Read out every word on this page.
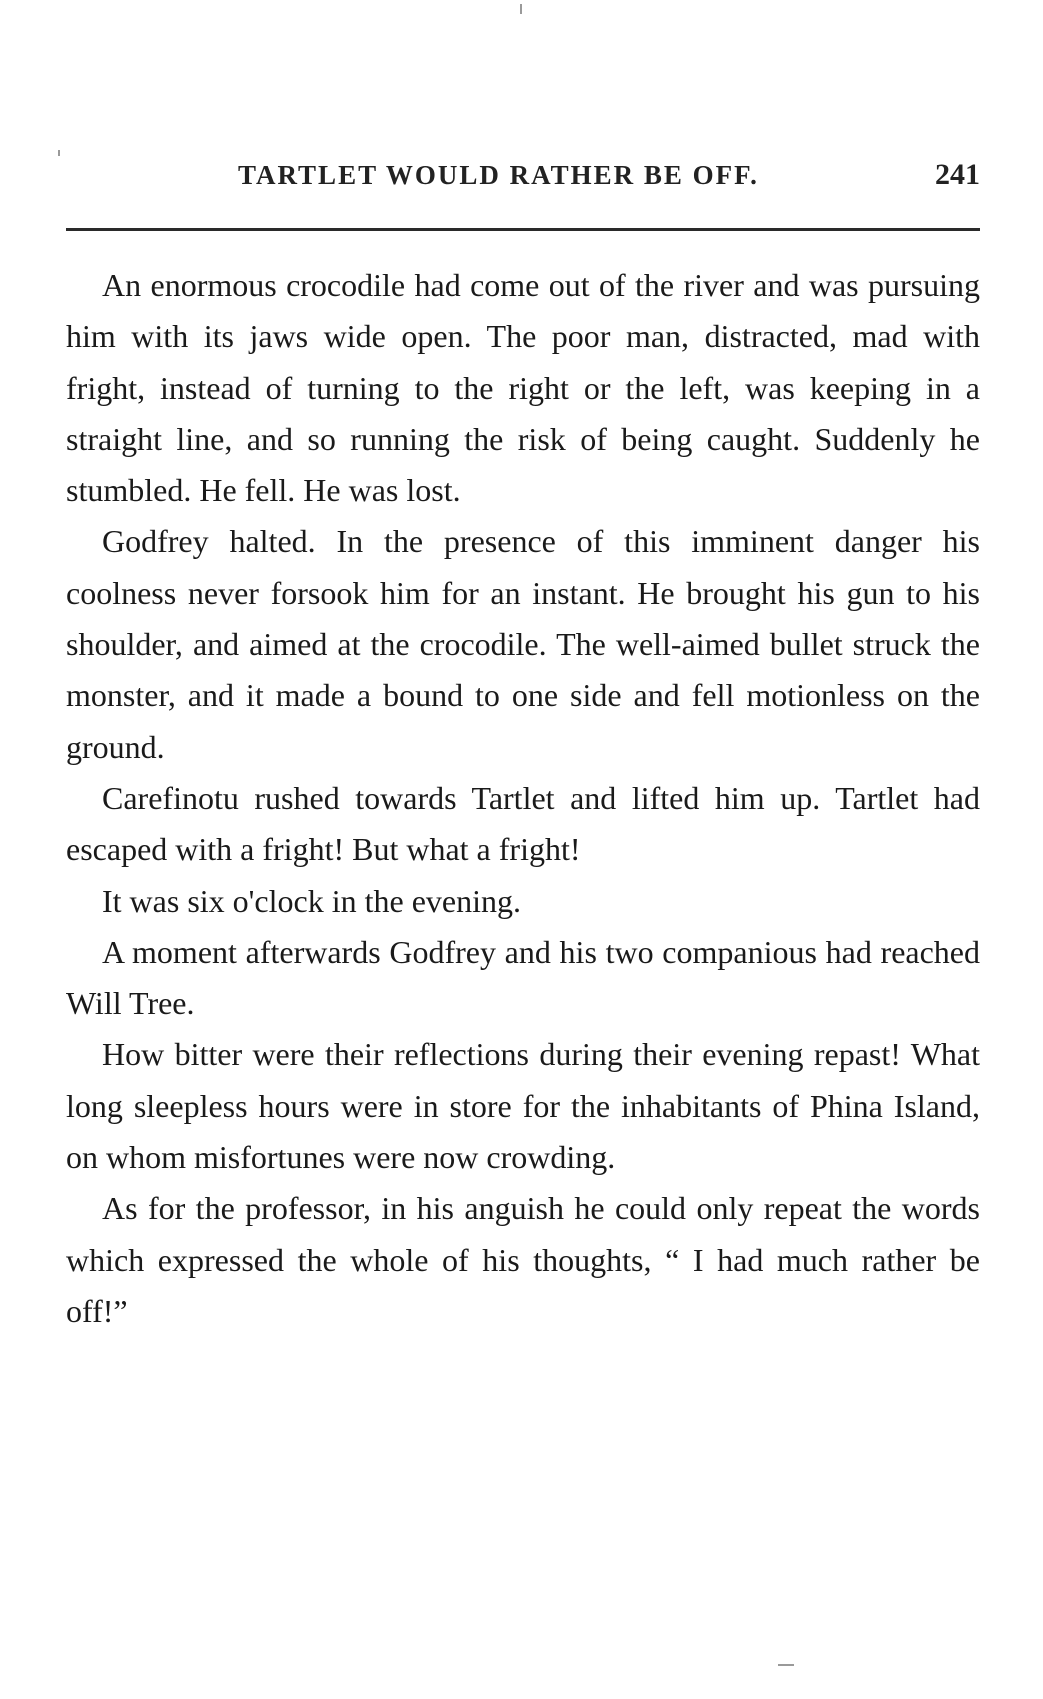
TARTLET WOULD RATHER BE OFF.	241

An enormous crocodile had come out of the river and was pursuing him with its jaws wide open. The poor man, distracted, mad with fright, instead of turning to the right or the left, was keeping in a straight line, and so running the risk of being caught. Suddenly he stumbled. He fell. He was lost.

Godfrey halted. In the presence of this imminent danger his coolness never forsook him for an instant. He brought his gun to his shoulder, and aimed at the crocodile. The well-aimed bullet struck the monster, and it made a bound to one side and fell motionless on the ground.

Carefinotu rushed towards Tartlet and lifted him up. Tartlet had escaped with a fright! But what a fright!

It was six o'clock in the evening.

A moment afterwards Godfrey and his two companious had reached Will Tree.

How bitter were their reflections during their evening repast! What long sleepless hours were in store for the inhabitants of Phina Island, on whom misfortunes were now crowding.

As for the professor, in his anguish he could only repeat the words which expressed the whole of his thoughts, “ I had much rather be off!”
